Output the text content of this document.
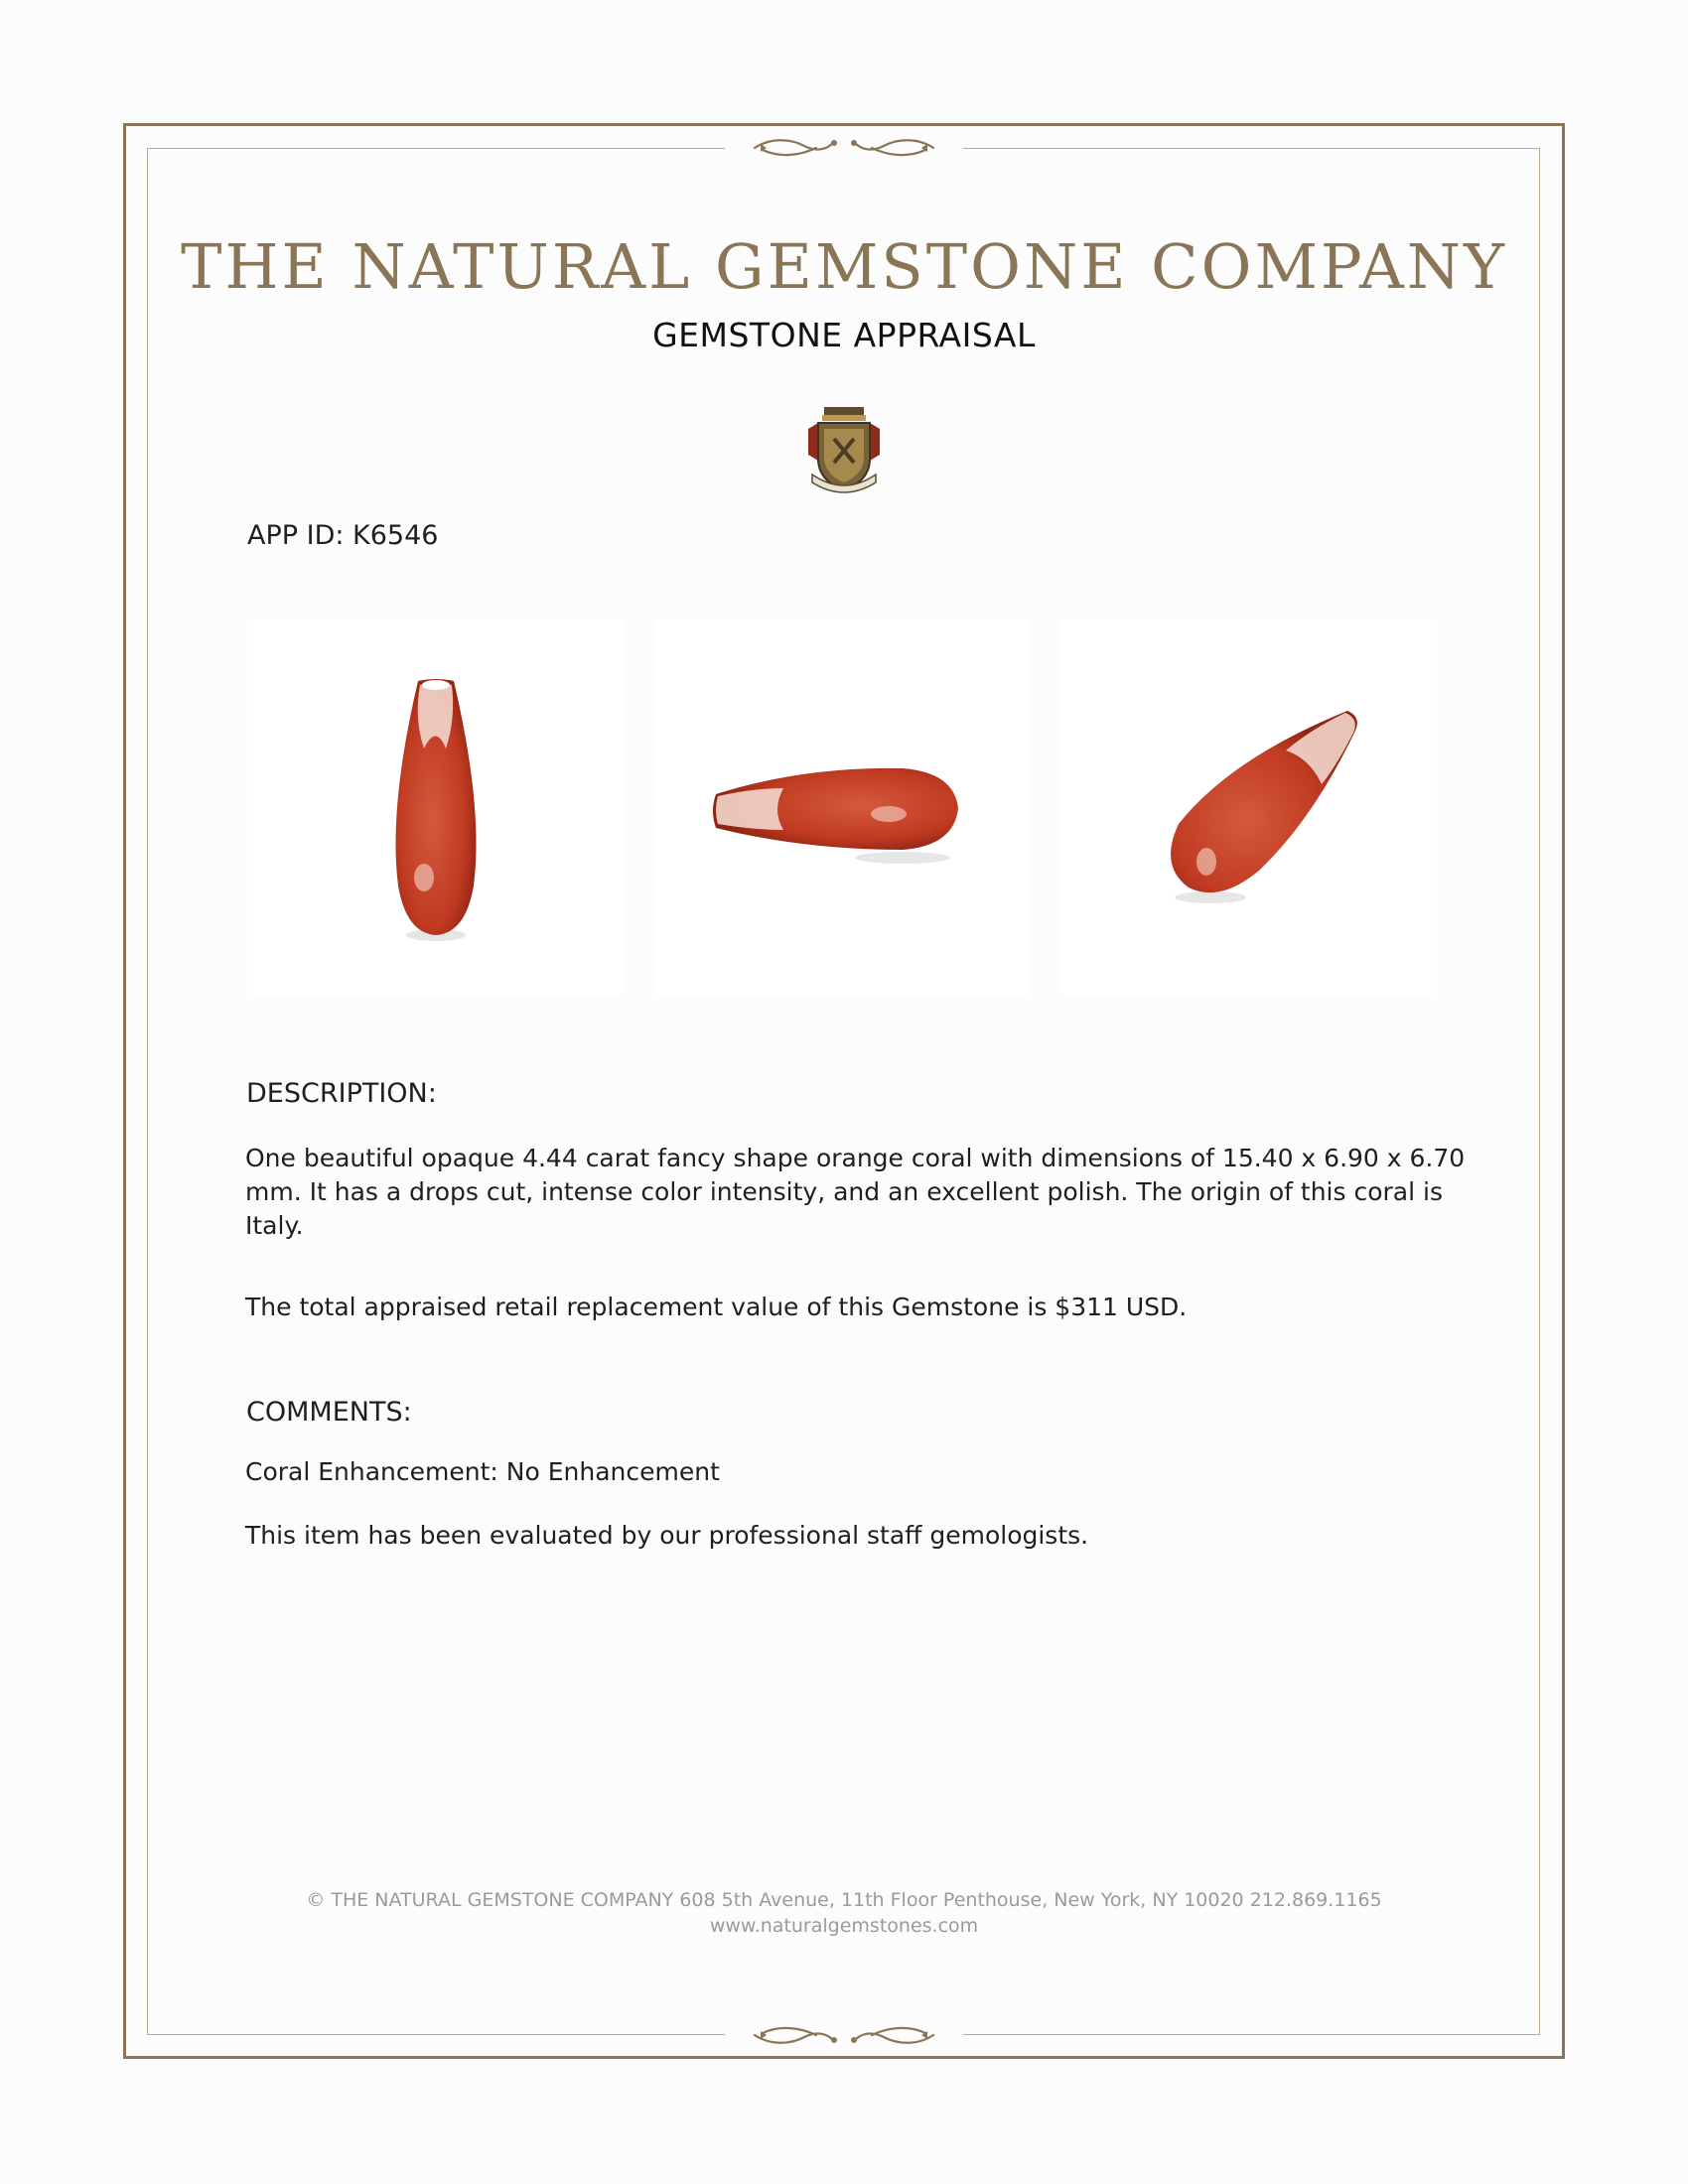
THE NATURAL GEMSTONE COMPANY
GEMSTONE APPRAISAL
APP ID: K6546
DESCRIPTION:
One beautiful opaque 4.44 carat fancy shape orange coral with dimensions of 15.40 x 6.90 x 6.70 mm. It has a drops cut, intense color intensity, and an excellent polish. The origin of this coral is Italy.
The total appraised retail replacement value of this Gemstone is $311 USD.
COMMENTS:
Coral Enhancement: No Enhancement
This item has been evaluated by our professional staff gemologists.
© THE NATURAL GEMSTONE COMPANY 608 5th Avenue, 11th Floor Penthouse, New York, NY 10020 212.869.1165
www.naturalgemstones.com
